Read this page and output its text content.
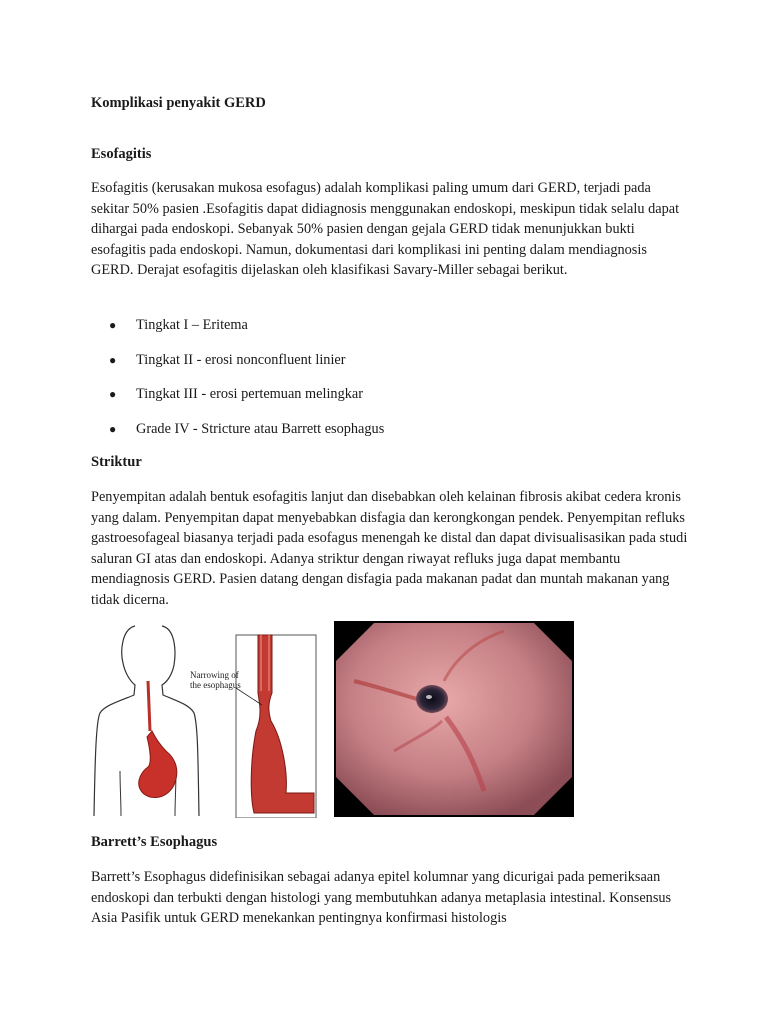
Komplikasi penyakit GERD
Esofagitis

Esofagitis (kerusakan mukosa esofagus) adalah komplikasi paling umum dari GERD, terjadi pada sekitar 50% pasien .Esofagitis dapat didiagnosis menggunakan endoskopi, meskipun tidak selalu dapat dihargai pada endoskopi. Sebanyak 50% pasien dengan gejala GERD tidak menunjukkan bukti esofagitis pada endoskopi. Namun, dokumentasi dari komplikasi ini penting dalam mendiagnosis GERD. Derajat esofagitis dijelaskan oleh klasifikasi Savary-Miller sebagai berikut.

● Tingkat I – Eritema
● Tingkat II - erosi nonconfluent linier
● Tingkat III - erosi pertemuan melingkar
● Grade IV - Stricture atau Barrett esophagus
Striktur

Penyempitan adalah bentuk esofagitis lanjut dan disebabkan oleh kelainan fibrosis akibat cedera kronis yang dalam. Penyempitan dapat menyebabkan disfagia dan kerongkongan pendek. Penyempitan refluks gastroesofageal biasanya terjadi pada esofagus menengah ke distal dan dapat divisualisasikan pada studi saluran GI atas dan endoskopi. Adanya striktur dengan riwayat refluks juga dapat membantu mendiagnosis GERD. Pasien datang dengan disfagia pada makanan padat dan muntah makanan yang tidak dicerna.

Narrowing of
the esophagus
Barrett’s Esophagus

Barrett’s Esophagus didefinisikan sebagai adanya epitel kolumnar yang dicurigai pada pemeriksaan endoskopi dan terbukti dengan histologi yang membutuhkan adanya metaplasia intestinal. Konsensus Asia Pasifik untuk GERD menekankan pentingnya konfirmasi histologis
